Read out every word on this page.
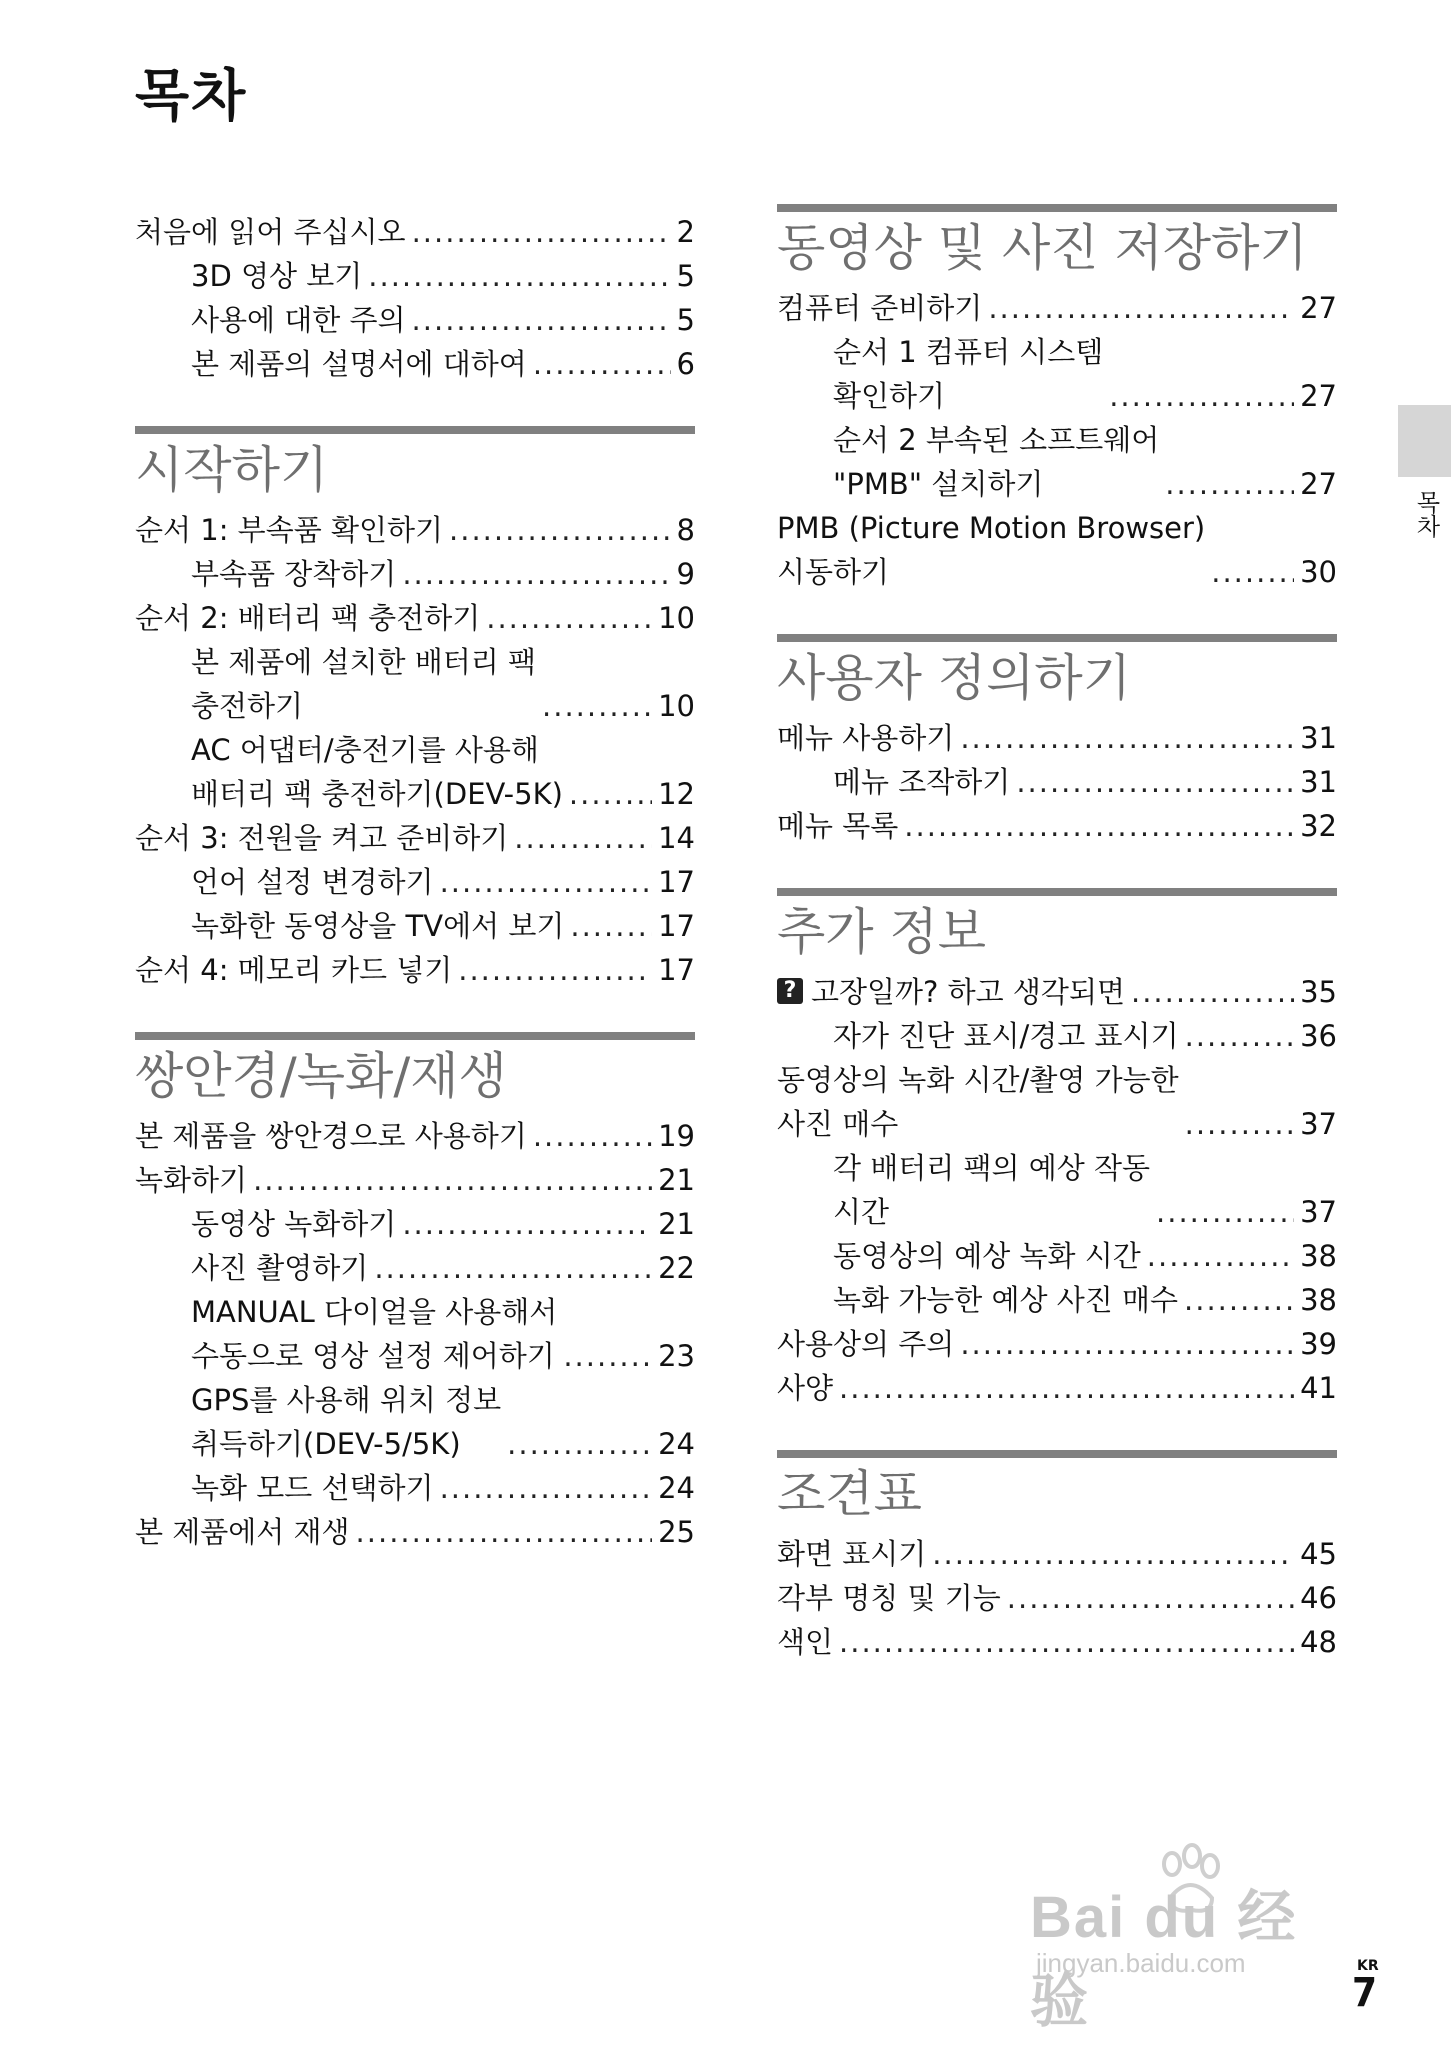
목차
처음에 읽어 주십시오 .....	2
3D 영상 보기 .....	5
사용에 대한 주의 .....	5
본 제품의 설명서에 대하여 .....	6
시작하기
순서 1: 부속품 확인하기 .....	8
부속품 장착하기 .....	9
순서 2: 배터리 팩 충전하기 .....	10
본 제품에 설치한 배터리 팩
충전하기 .....	10
AC 어댑터/충전기를 사용해
배터리 팩 충전하기(DEV-5K) .....	12
순서 3: 전원을 켜고 준비하기 .....	14
언어 설정 변경하기 .....	17
녹화한 동영상을 TV에서 보기 .....	17
순서 4: 메모리 카드 넣기 .....	17
쌍안경/녹화/재생
본 제품을 쌍안경으로 사용하기 .....	19
녹화하기 .....	21
동영상 녹화하기 .....	21
사진 촬영하기 .....	22
MANUAL 다이얼을 사용해서
수동으로 영상 설정 제어하기 .....	23
GPS를 사용해 위치 정보
취득하기(DEV-5/5K) .....	24
녹화 모드 선택하기 .....	24
본 제품에서 재생 .....	25
동영상 및 사진 저장하기
컴퓨터 준비하기 .....	27
순서 1 컴퓨터 시스템
확인하기 .....	27
순서 2 부속된 소프트웨어
"PMB" 설치하기 .....	27
PMB (Picture Motion Browser)
시동하기 .....	30
사용자 정의하기
메뉴 사용하기 .....	31
메뉴 조작하기 .....	31
메뉴 목록 .....	32
추가 정보
? 고장일까? 하고 생각되면 .....	35
자가 진단 표시/경고 표시기 .....	36
동영상의 녹화 시간/촬영 가능한
사진 매수 .....	37
각 배터리 팩의 예상 작동
시간 .....	37
동영상의 예상 녹화 시간 .....	38
녹화 가능한 예상 사진 매수 .....	38
사용상의 주의 .....	39
사양 .....	41
조견표
화면 표시기 .....	45
각부 명칭 및 기능 .....	46
색인 .....	48
목차
KR
7
Bai du 经验
jingyan.baidu.com
